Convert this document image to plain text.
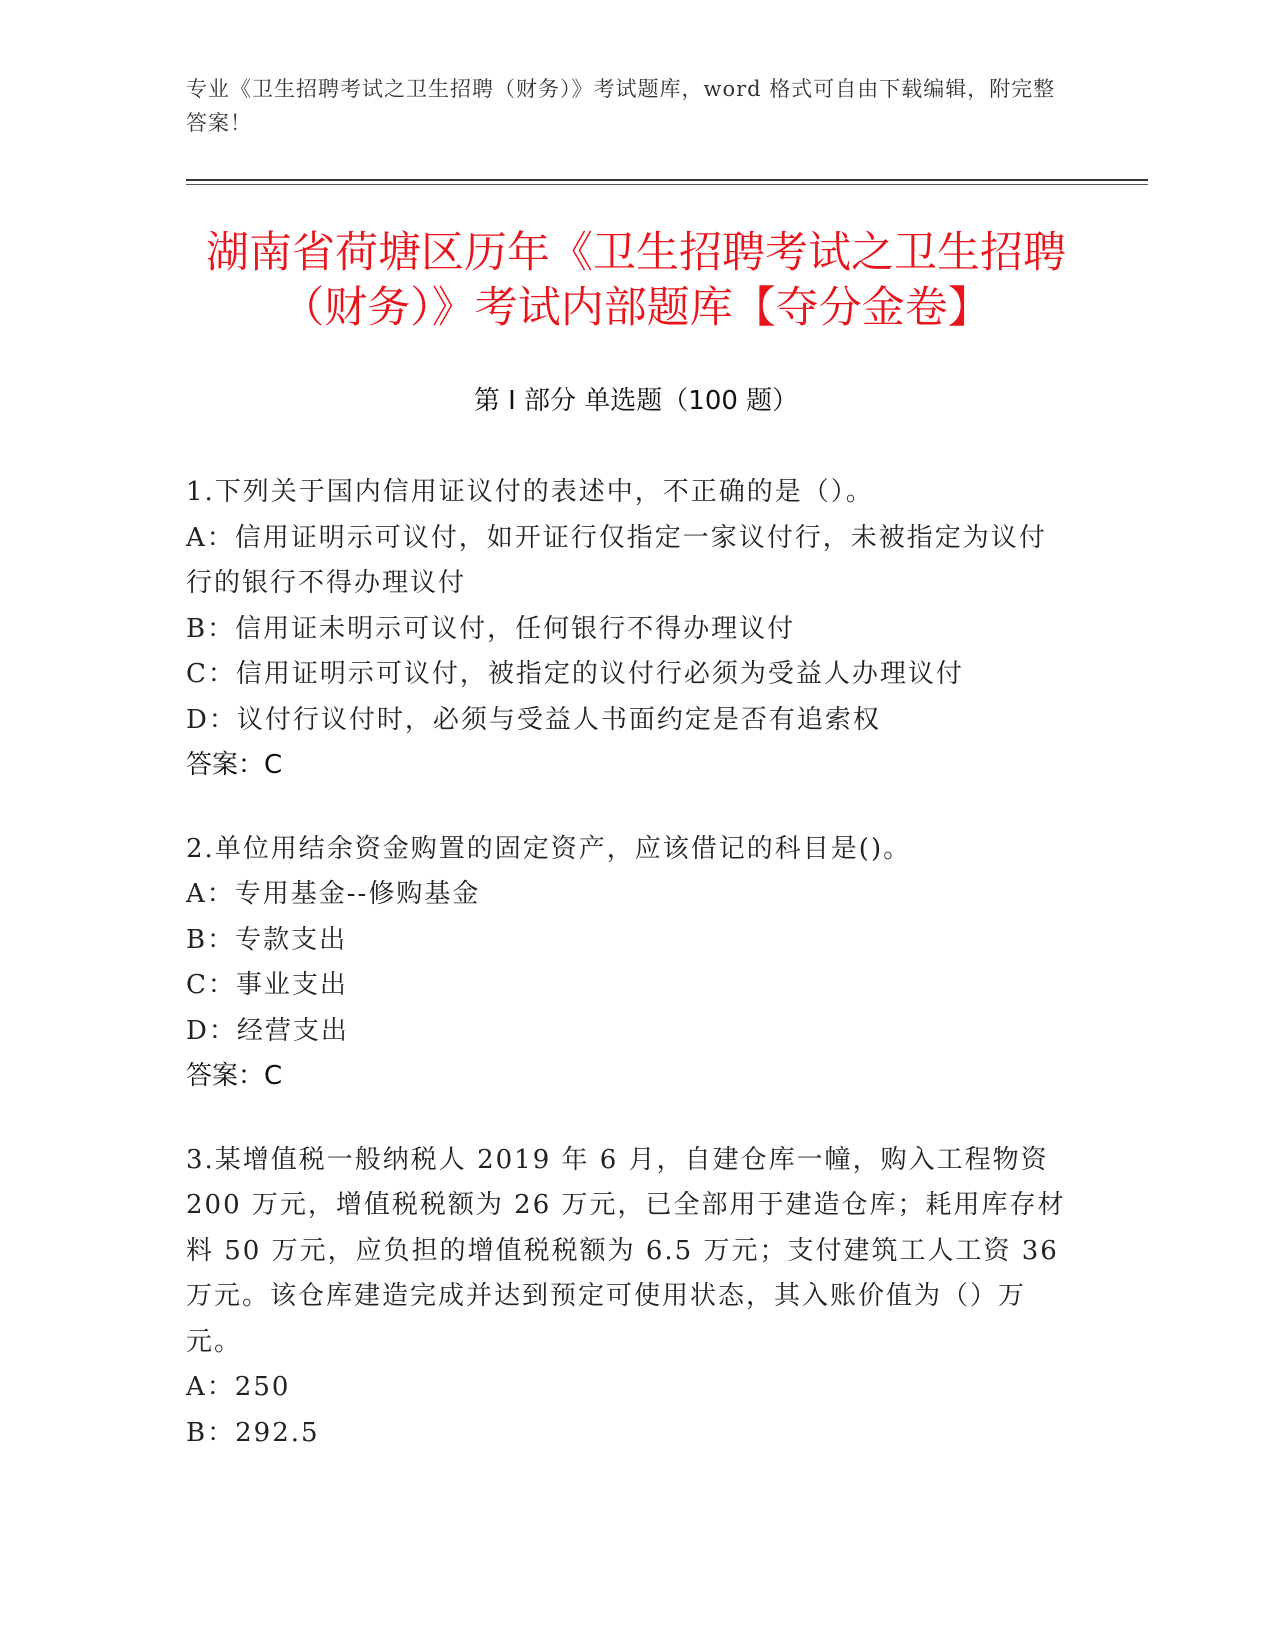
专业《卫生招聘考试之卫生招聘（财务）》考试题库，word 格式可自由下载编辑，附完整答案！
湖南省荷塘区历年《卫生招聘考试之卫生招聘（财务）》考试内部题库【夺分金卷】
第 I 部分 单选题（100 题）
1.下列关于国内信用证议付的表述中，不正确的是（）。
A：信用证明示可议付，如开证行仅指定一家议付行，未被指定为议付行的银行不得办理议付
B：信用证未明示可议付，任何银行不得办理议付
C：信用证明示可议付，被指定的议付行必须为受益人办理议付
D：议付行议付时，必须与受益人书面约定是否有追索权
答案：C
2.单位用结余资金购置的固定资产，应该借记的科目是()。
A：专用基金--修购基金
B：专款支出
C：事业支出
D：经营支出
答案：C
3.某增值税一般纳税人 2019 年 6 月，自建仓库一幢，购入工程物资 200 万元，增值税税额为 26 万元，已全部用于建造仓库；耗用库存材料 50 万元，应负担的增值税税额为 6.5 万元；支付建筑工人工资 36 万元。该仓库建造完成并达到预定可使用状态，其入账价值为（）万元。
A：250
B：292.5
